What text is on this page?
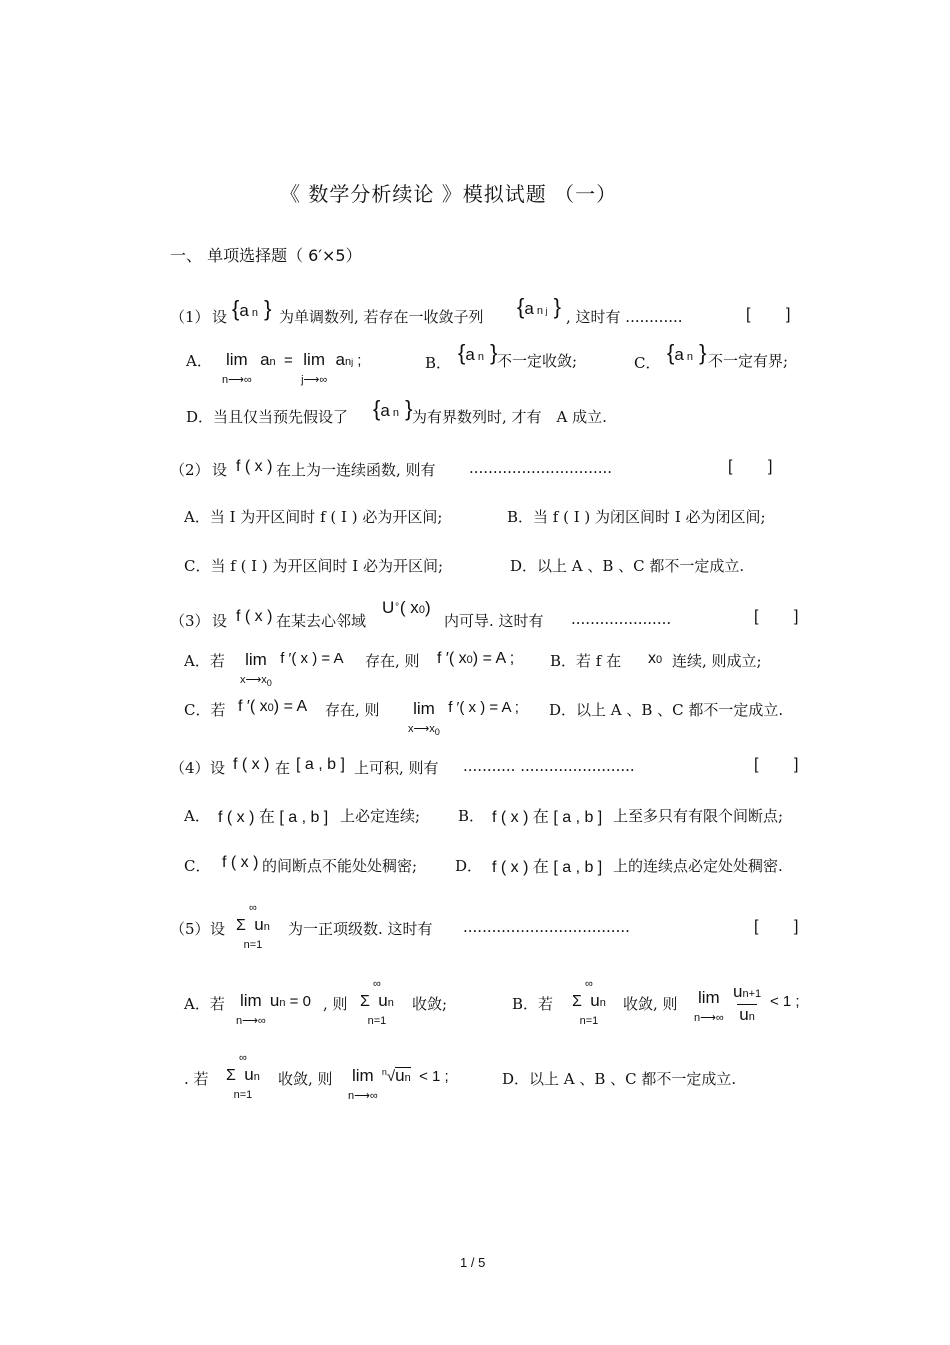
《 数学分析续论 》模拟试题 （一）
一、 单项选择题（ 6′×5）
（1） 设 {a n } 为单调数列, 若存在一收敛子列 {a n j } , 这时有 ............	[        ]
A． lim
n⟶∞  an  =  lim
j⟶∞  anj ;	B． {a n } 不一定收敛;	C． {a n } 不一定有界;
D．当且仅当预先假设了 {a n } 为有界数列时, 才有　A 成立.
（2） 设 f ( x ) 在上为一连续函数, 则有 ..............................	[        ]
A．当 I 为开区间时 f ( I ) 必为开区间;	B．当 f ( I ) 为闭区间时 I 必为闭区间;
C．当 f ( I ) 为开区间时 I 必为开区间;	D．以上 A 、B 、C 都不一定成立.
（3） 设 f ( x ) 在某去心邻域
U∘( x0)
内可导. 这时有 .....................	[        ]
A．若 lim
$x⟶x_0$  f ′( x ) = A 存在, 则 f ′( x0) = A ; B．若 f 在 x0 连续, 则成立;
C．若 f ′( x0) = A 存在, 则 lim
$x⟶x_0$  f ′( x ) = A ; D．以上 A 、B 、C 都不一定成立.
（4） 设 f ( x ) 在 [ a , b ] 上可积, 则有 ........... ........................	[        ]
A． f ( x ) 在 [ a , b ] 上必定连续;	B． f ( x ) 在 [ a , b ] 上至多只有有限个间断点;
C． f ( x ) 的间断点不能处处稠密;	D． f ( x ) 在 [ a , b ] 上的连续点必定处处稠密.
（5） 设
∞
Σ un
n=1
为一正项级数. 这时有 ...................................	[        ]
A．若 lim
n⟶∞ un = 0 , 则
∞
Σ un
n=1
收敛;	B．若
∞
Σ un
n=1
收敛, 则 lim
n⟶∞
un+1
un
< 1 ;
. 若
∞
Σ un
n=1
收敛, 则 lim
n⟶∞ $^n$√un  < 1 ;	D．以上 A 、B 、C 都不一定成立.
1 / 5
